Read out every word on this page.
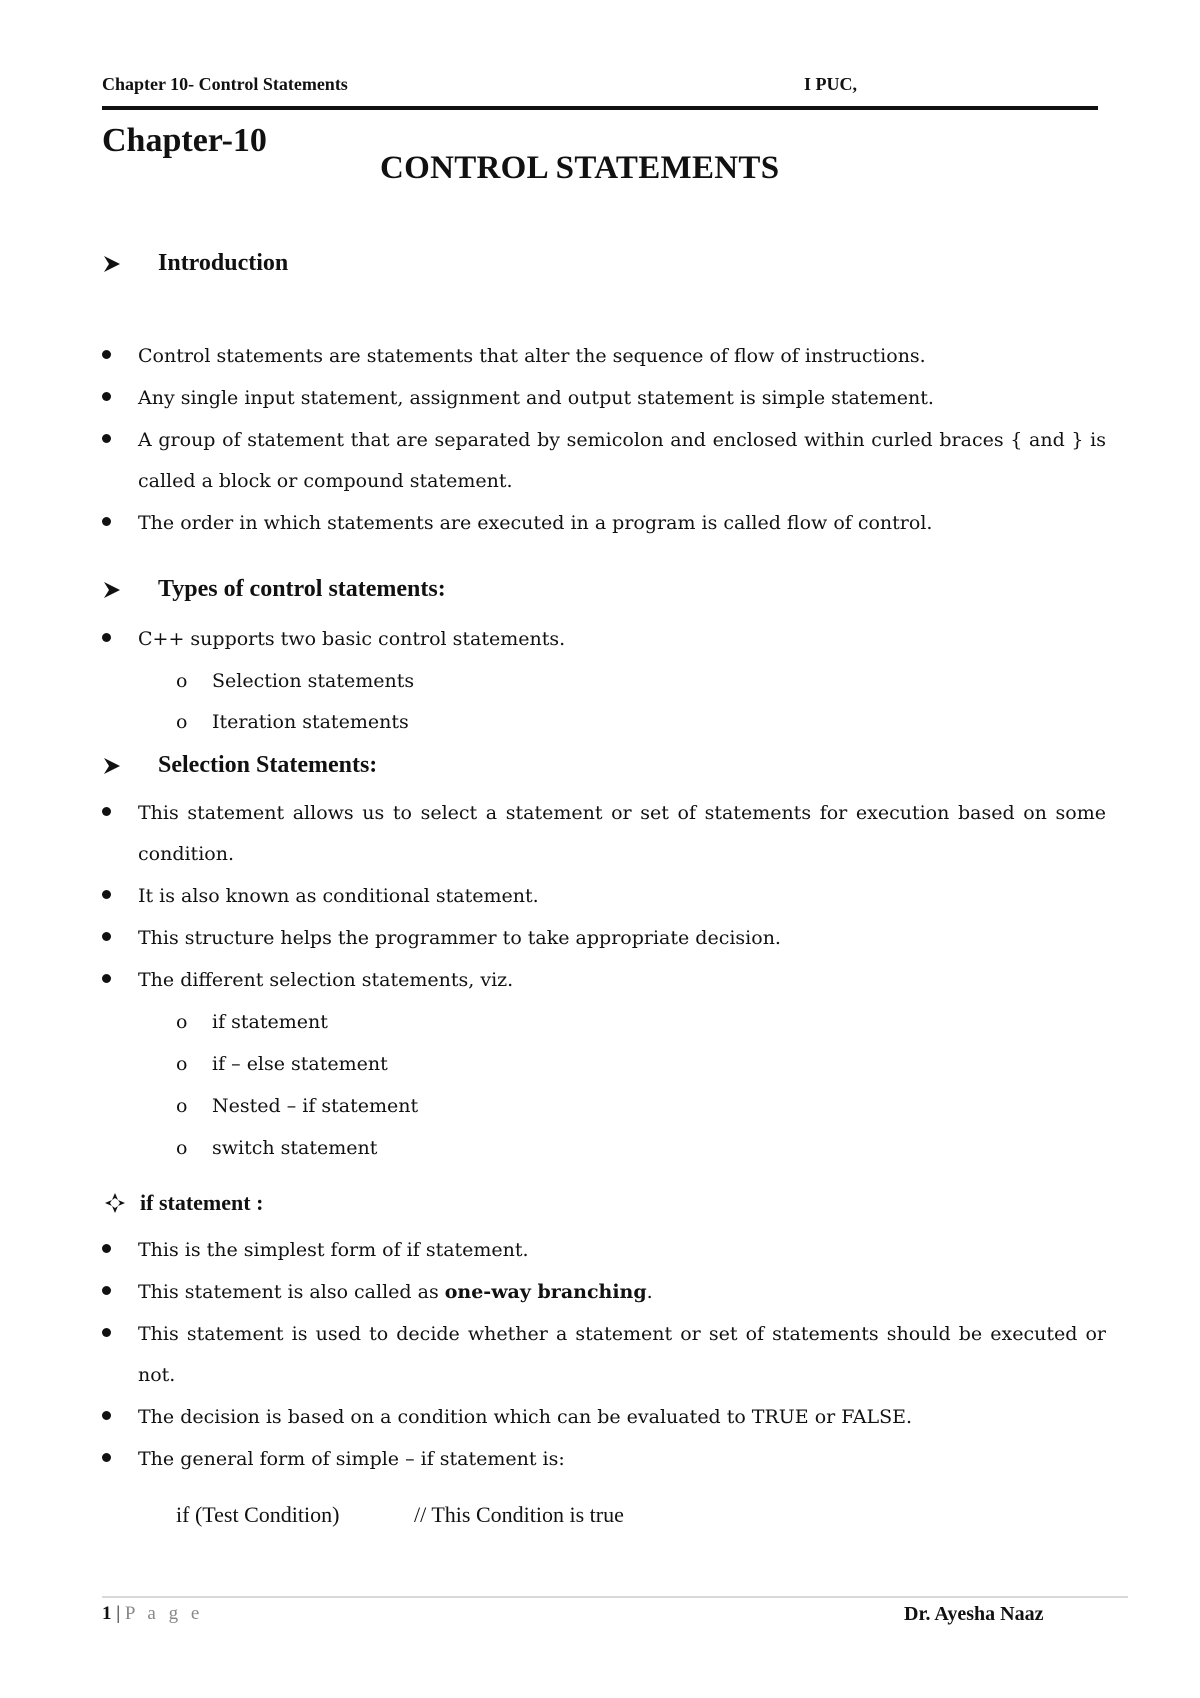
Chapter 10- Control Statements	I PUC,
Chapter-10
CONTROL STATEMENTS
Introduction
Control statements are statements that alter the sequence of flow of instructions.
Any single input statement, assignment and output statement is simple statement.
A group of statement that are separated by semicolon and enclosed within curled braces { and } is called a block or compound statement.
The order in which statements are executed in a program is called flow of control.
Types of control statements:
C++ supports two basic control statements.
o Selection statements
o Iteration statements
Selection Statements:
This statement allows us to select a statement or set of statements for execution based on some condition.
It is also known as conditional statement.
This structure helps the programmer to take appropriate decision.
The different selection statements, viz.
o if statement
o if – else statement
o Nested – if statement
o switch statement
if statement :
This is the simplest form of if statement.
This statement is also called as one-way branching.
This statement is used to decide whether a statement or set of statements should be executed or not.
The decision is based on a condition which can be evaluated to TRUE or FALSE.
The general form of simple – if statement is:
if (Test Condition)	// This Condition is true
1 | P a g e	Dr. Ayesha Naaz
